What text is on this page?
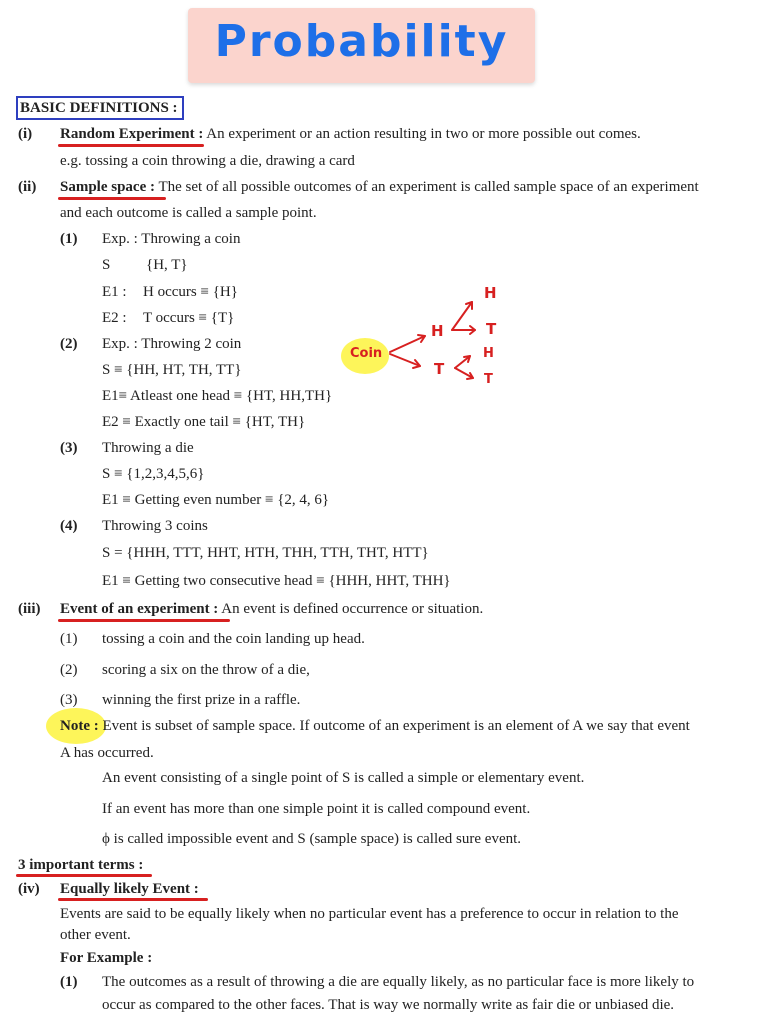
Probability
BASIC DEFINITIONS :
(i) Random Experiment : An experiment or an action resulting in two or more possible out comes.
e.g. tossing a coin throwing a die, drawing a card
(ii) Sample space : The set of all possible outcomes of an experiment is called sample space of an experiment
and each outcome is called a sample point.
(1) Exp. : Throwing a coin
S {H, T}
E1 : H occurs ≡ {H}
E2 : T occurs ≡ {T}
(2) Exp. : Throwing 2 coin
S ≡ {HH, HT, TH, TT}
E1≡ Atleast one head ≡ {HT, HH,TH}
E2 ≡ Exactly one tail ≡ {HT, TH}
(3) Throwing a die
S ≡ {1,2,3,4,5,6}
E1 ≡ Getting even number ≡ {2, 4, 6}
(4) Throwing 3 coins
S = {HHH, TTT, HHT, HTH, THH, TTH, THT, HTT}
E1 ≡ Getting two consecutive head ≡ {HHH, HHT, THH}
Coin
H
H	T
H
T
T
(iii) Event of an experiment : An event is defined occurrence or situation.
(1) tossing a coin and the coin landing up head.
(2) scoring a six on the throw of a die,
(3) winning the first prize in a raffle.
Note : Event is subset of sample space. If outcome of an experiment is an element of A we say that event
A has occurred.
An event consisting of a single point of S is called a simple or elementary event.
If an event has more than one simple point it is called compound event.
ϕ is called impossible event and S (sample space) is called sure event.
3 important terms :
(iv) Equally likely Event :
Events are said to be equally likely when no particular event has a preference to occur in relation to the
other event.
For Example :
(1) The outcomes as a result of throwing a die are equally likely, as no particular face is more likely to
occur as compared to the other faces. That is way we normally write as fair die or unbiased die.
